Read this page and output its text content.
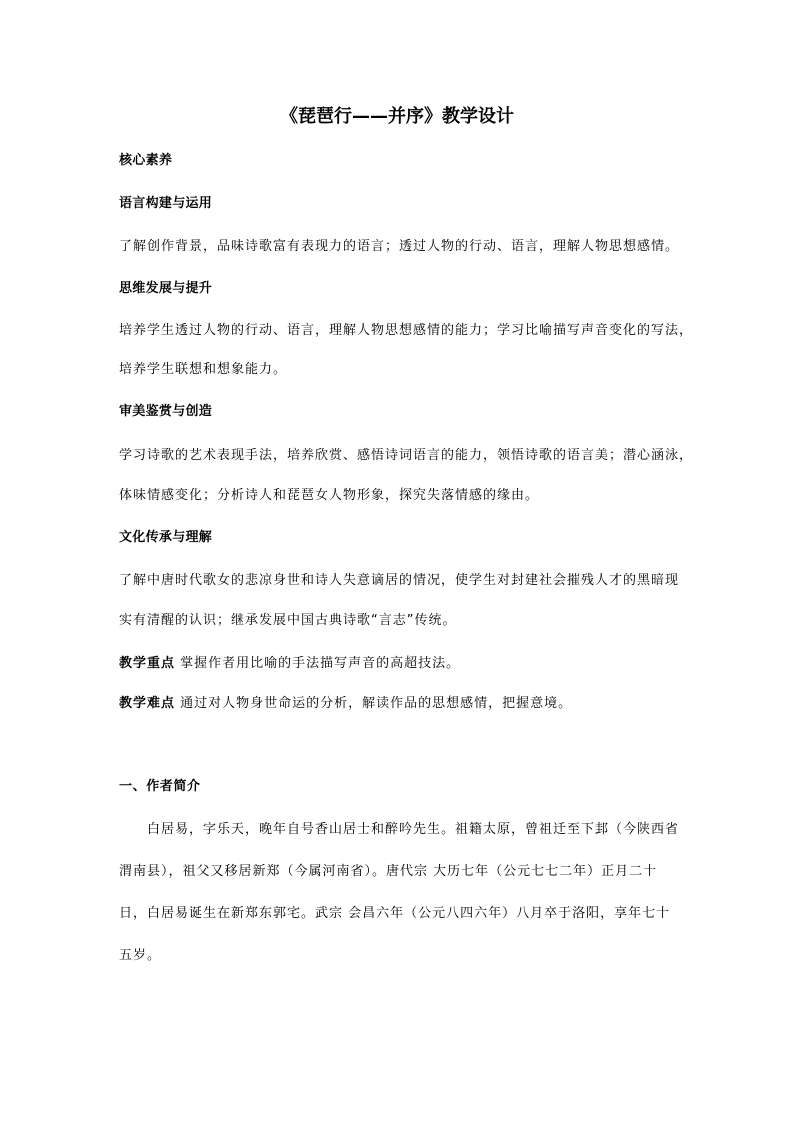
《琵琶行——并序》教学设计
核心素养
语言构建与运用
了解创作背景，品味诗歌富有表现力的语言；透过人物的行动、语言，理解人物思想感情。
思维发展与提升
培养学生透过人物的行动、语言，理解人物思想感情的能力；学习比喻描写声音变化的写法，
培养学生联想和想象能力。
审美鉴赏与创造
学习诗歌的艺术表现手法，培养欣赏、感悟诗词语言的能力，领悟诗歌的语言美；潜心涵泳，
体味情感变化；分析诗人和琵琶女人物形象，探究失落情感的缘由。
文化传承与理解
了解中唐时代歌女的悲凉身世和诗人失意谪居的情况，使学生对封建社会摧残人才的黑暗现
实有清醒的认识；继承发展中国古典诗歌“言志”传统。
教学重点 掌握作者用比喻的手法描写声音的高超技法。
教学难点 通过对人物身世命运的分析，解读作品的思想感情，把握意境。
一、作者简介
白居易，字乐天，晚年自号香山居士和醉吟先生。祖籍太原，曾祖迁至下邽（今陕西省
渭南县），祖父又移居新郑（今属河南省）。唐代宗 大历七年（公元七七二年）正月二十
日，白居易诞生在新郑东郭宅。武宗 会昌六年（公元八四六年）八月卒于洛阳，享年七十
五岁。
